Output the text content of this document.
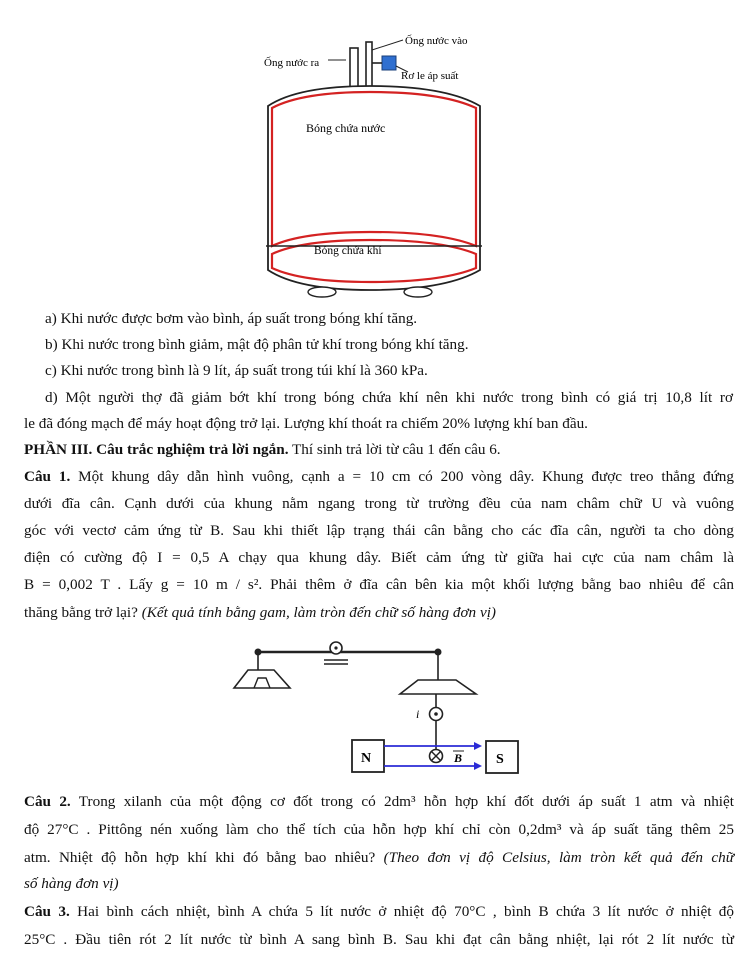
Ống nước vào
Ống nước ra
Rơ le áp suất
Bóng chứa nước
Bóng chứa khí
a) Khi nước được bơm vào bình, áp suất trong bóng khí tăng.
b) Khi nước trong bình giảm, mật độ phân tử khí trong bóng khí tăng.
c) Khi nước trong bình là 9 lít, áp suất trong túi khí là 360 kPa.
d) Một người thợ đã giảm bớt khí trong bóng chứa khí nên khi nước trong bình có giá trị 10,8 lít rơ
le đã đóng mạch để máy hoạt động trở lại. Lượng khí thoát ra chiếm 20% lượng khí ban đầu.
PHẦN III. Câu trắc nghiệm trả lời ngắn. Thí sinh trả lời từ câu 1 đến câu 6.
Câu 1. Một khung dây dẫn hình vuông, cạnh a = 10 cm có 200 vòng dây. Khung được treo thẳng đứng
dưới đĩa cân. Cạnh dưới của khung nằm ngang trong từ trường đều của nam châm chữ U và vuông
góc với vectơ cảm ứng từ B. Sau khi thiết lập trạng thái cân bằng cho các đĩa cân, người ta cho dòng
điện có cường độ I = 0,5 A chạy qua khung dây. Biết cảm ứng từ giữa hai cực của nam châm là
B = 0,002 T . Lấy g = 10 m / s². Phải thêm ở đĩa cân bên kia một khối lượng bằng bao nhiêu để cân
thăng bằng trở lại? (Kết quả tính bằng gam, làm tròn đến chữ số hàng đơn vị)
i
N	B S
Câu 2. Trong xilanh của một động cơ đốt trong có 2dm³ hỗn hợp khí đốt dưới áp suất 1 atm và nhiệt
độ 27°C . Pittông nén xuống làm cho thể tích của hỗn hợp khí chỉ còn 0,2dm³ và áp suất tăng thêm 25
atm. Nhiệt độ hỗn hợp khí khi đó bằng bao nhiêu? (Theo đơn vị độ Celsius, làm tròn kết quả đến chữ
số hàng đơn vị)
Câu 3. Hai bình cách nhiệt, bình A chứa 5 lít nước ở nhiệt độ 70°C , bình B chứa 3 lít nước ở nhiệt độ
25°C . Đầu tiên rót 2 lít nước từ bình A sang bình B. Sau khi đạt cân bằng nhiệt, lại rót 2 lít nước từ
